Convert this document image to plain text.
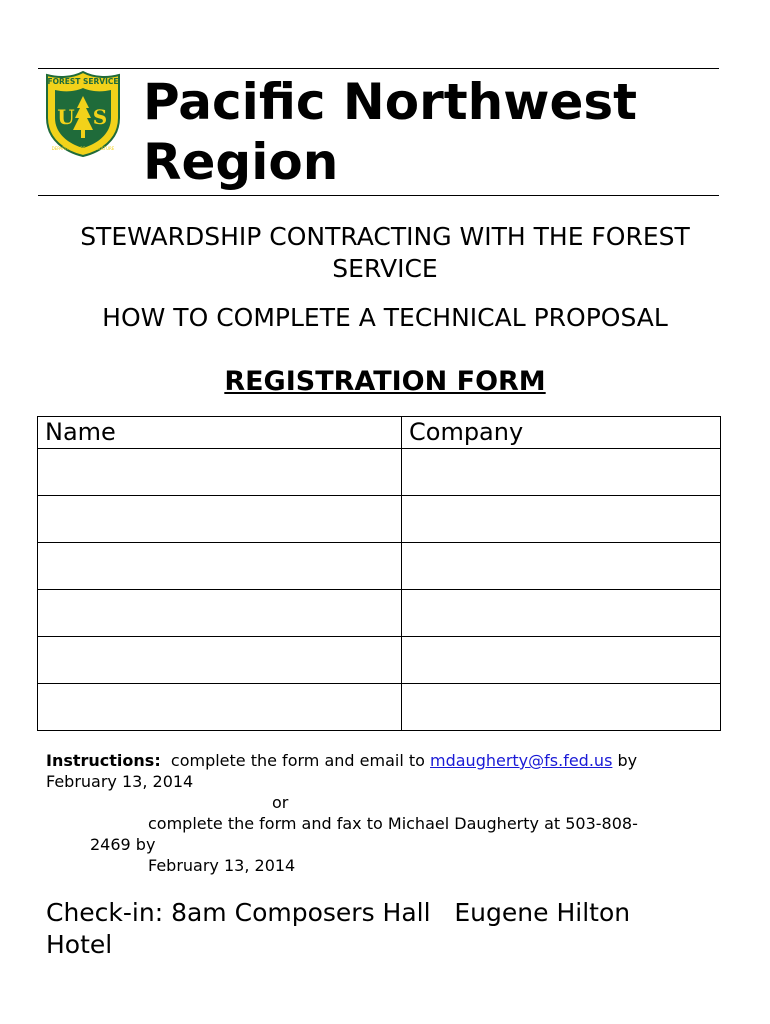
FOREST SERVICE
U S
DEPARTMENT OF AGRICULTURE
Pacific Northwest
Region

STEWARDSHIP CONTRACTING WITH THE FOREST
SERVICE

HOW TO COMPLETE A TECHNICAL PROPOSAL

REGISTRATION FORM
Name	Company

Instructions: complete the form and email to mdaugherty@fs.fed.us by

February 13, 2014

or

complete the form and fax to Michael Daugherty at 503-808-

2469 by

February 13, 2014

Check-in: 8am Composers Hall   Eugene Hilton
Hotel
